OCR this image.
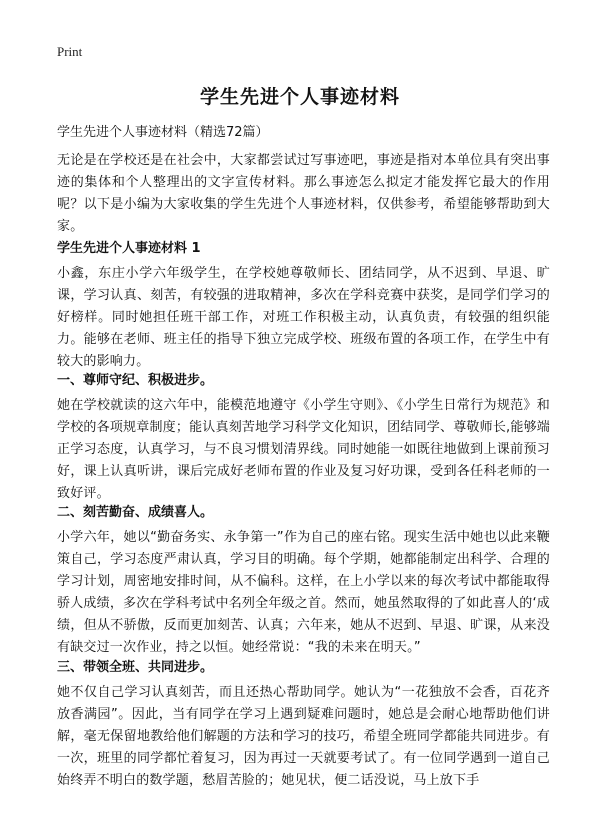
Print
学生先进个人事迹材料
学生先进个人事迹材料（精选72篇）

无论是在学校还是在社会中，大家都尝试过写事迹吧，事迹是指对本单位具有突出事迹的集体和个人整理出的文字宣传材料。那么事迹怎么拟定才能发挥它最大的作用呢？以下是小编为大家收集的学生先进个人事迹材料，仅供参考，希望能够帮助到大家。

学生先进个人事迹材料 1

小鑫，东庄小学六年级学生，在学校她尊敬师长、团结同学，从不迟到、早退、旷课，学习认真、刻苦，有较强的进取精神，多次在学科竞赛中获奖，是同学们学习的好榜样。同时她担任班干部工作，对班工作积极主动，认真负责，有较强的组织能力。能够在老师、班主任的指导下独立完成学校、班级布置的各项工作，在学生中有较大的影响力。

一、尊师守纪、积极进步。

她在学校就读的这六年中，能模范地遵守《小学生守则》、《小学生日常行为规范》和学校的各项规章制度；能认真刻苦地学习科学文化知识，团结同学、尊敬师长,能够端正学习态度，认真学习，与不良习惯划清界线。同时她能一如既往地做到上课前预习好，课上认真听讲，课后完成好老师布置的作业及复习好功课，受到各任科老师的一致好评。

二、刻苦勤奋、成绩喜人。

小学六年，她以“勤奋务实、永争第一”作为自己的座右铭。现实生活中她也以此来鞭策自己，学习态度严肃认真，学习目的明确。每个学期，她都能制定出科学、合理的学习计划，周密地安排时间，从不偏科。这样，在上小学以来的每次考试中都能取得骄人成绩，多次在学科考试中名列全年级之首。然而，她虽然取得的了如此喜人的‘成绩，但从不骄傲，反而更加刻苦、认真；六年来，她从不迟到、早退、旷课，从来没有缺交过一次作业，持之以恒。她经常说：“我的未来在明天。”

三、带领全班、共同进步。

她不仅自己学习认真刻苦，而且还热心帮助同学。她认为“一花独放不会香，百花齐放香满园”。因此，当有同学在学习上遇到疑难问题时，她总是会耐心地帮助他们讲解，毫无保留地教给他们解题的方法和学习的技巧，希望全班同学都能共同进步。有一次，班里的同学都忙着复习，因为再过一天就要考试了。有一位同学遇到一道自己始终弄不明白的数学题，愁眉苦脸的；她见状，便二话没说，马上放下手
